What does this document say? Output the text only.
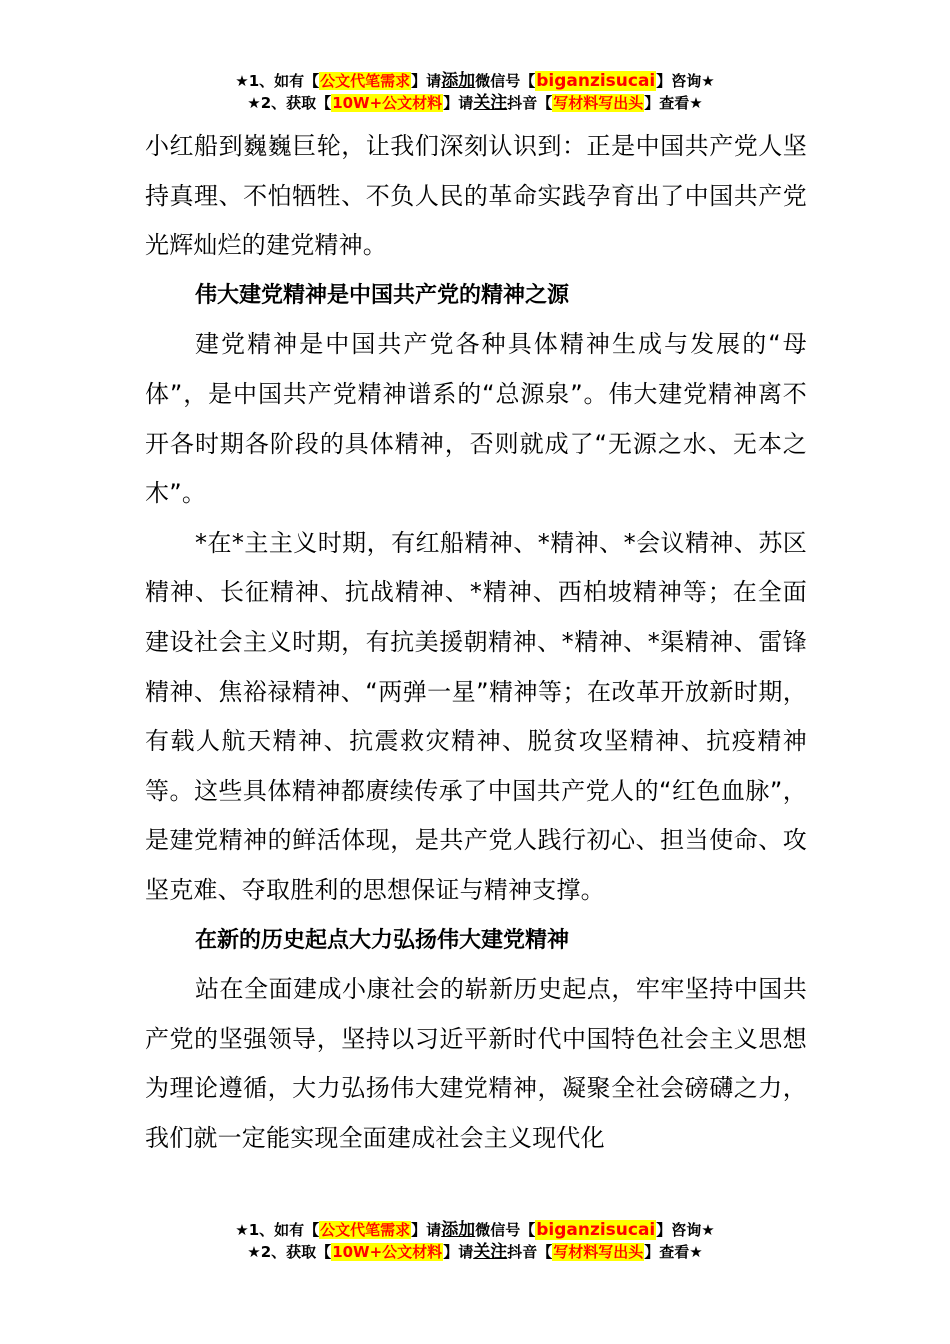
★1、如有【公文代笔需求】请添加微信号【biganzisucai】咨询★
★2、获取【10W+公文材料】请关注抖音【写材料写出头】查看★

小红船到巍巍巨轮，让我们深刻认识到：正是中国共产党人坚持真理、不怕牺牲、不负人民的革命实践孕育出了中国共产党光辉灿烂的建党精神。

伟大建党精神是中国共产党的精神之源

建党精神是中国共产党各种具体精神生成与发展的“母体”，是中国共产党精神谱系的“总源泉”。伟大建党精神离不开各时期各阶段的具体精神，否则就成了“无源之水、无本之木”。

*在*主主义时期，有红船精神、*精神、*会议精神、苏区精神、长征精神、抗战精神、*精神、西柏坡精神等；在全面建设社会主义时期，有抗美援朝精神、*精神、*渠精神、雷锋精神、焦裕禄精神、“两弹一星”精神等；在改革开放新时期，有载人航天精神、抗震救灾精神、脱贫攻坚精神、抗疫精神等。这些具体精神都赓续传承了中国共产党人的“红色血脉”，是建党精神的鲜活体现，是共产党人践行初心、担当使命、攻坚克难、夺取胜利的思想保证与精神支撑。

在新的历史起点大力弘扬伟大建党精神

站在全面建成小康社会的崭新历史起点，牢牢坚持中国共产党的坚强领导，坚持以习近平新时代中国特色社会主义思想为理论遵循，大力弘扬伟大建党精神，凝聚全社会磅礴之力，我们就一定能实现全面建成社会主义现代化

★1、如有【公文代笔需求】请添加微信号【biganzisucai】咨询★
★2、获取【10W+公文材料】请关注抖音【写材料写出头】查看★
